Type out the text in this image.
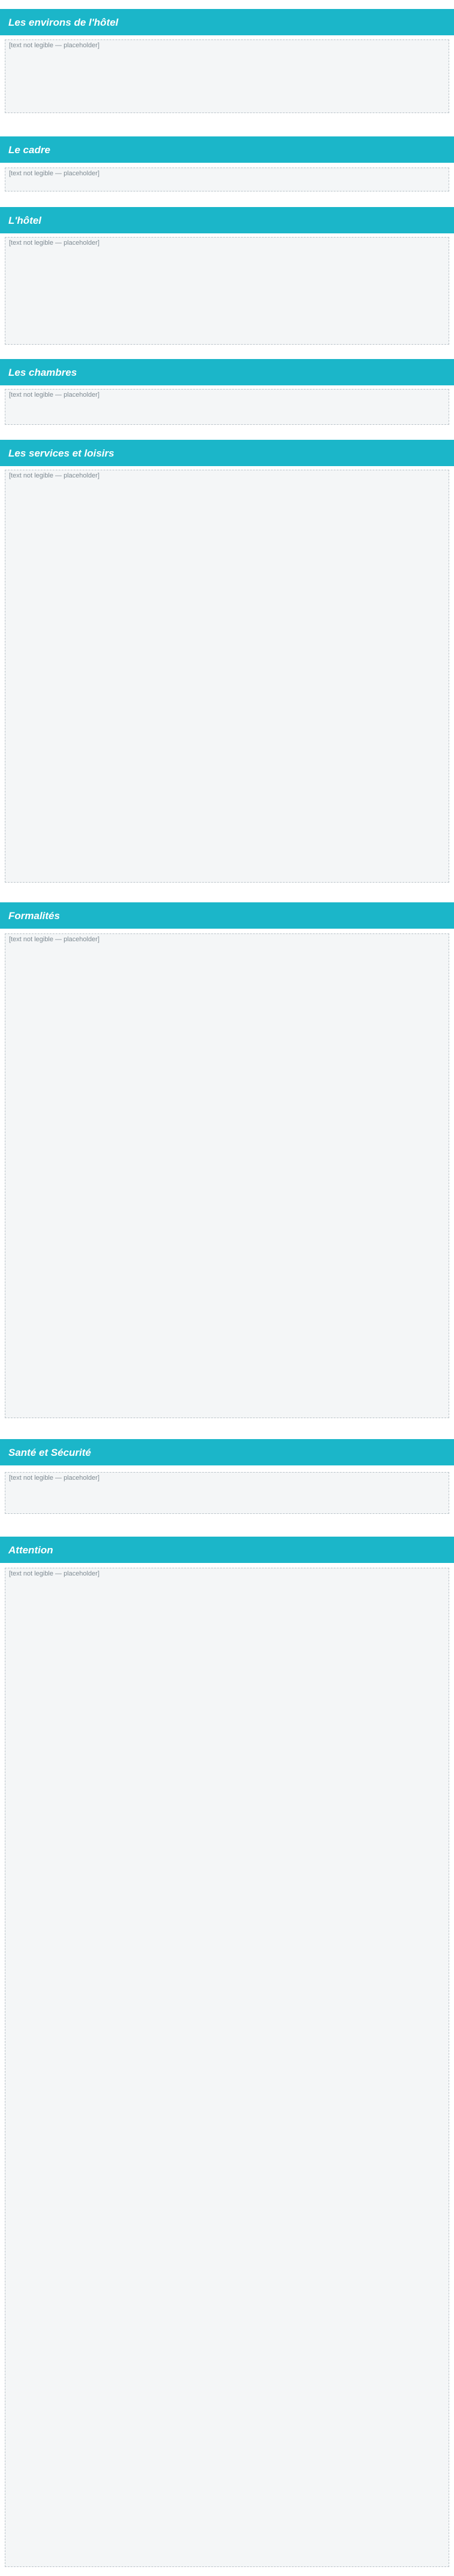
Les environs de l'hôtel
[text not legible — placeholder]
Le cadre
[text not legible — placeholder]
L'hôtel
[text not legible — placeholder]
Les chambres
[text not legible — placeholder]
Les services et loisirs
[text not legible — placeholder]
Formalités
[text not legible — placeholder]
Santé et Sécurité
[text not legible — placeholder]
Attention
[text not legible — placeholder]
